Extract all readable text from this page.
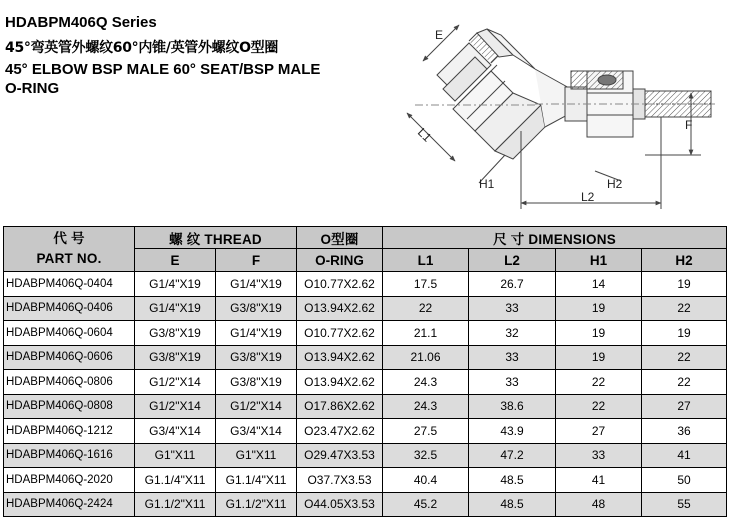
HDABPM406Q Series
45°弯英管外螺纹60°内锥/英管外螺纹O型圈
45° ELBOW BSP MALE 60° SEAT/BSP MALE
O-RING
E
F
L1
L2
H1	H2
代 号
PART NO.	螺 纹 THREAD		O型圈	尺 寸 DIMENSIONS			
	E	F	O-RING	L1	L2	H1	H2
HDABPM406Q-0404	G1/4"X19	G1/4"X19	O10.77X2.62	17.5	26.7	14	19
HDABPM406Q-0406	G1/4"X19	G3/8"X19	O13.94X2.62	22	33	19	22
HDABPM406Q-0604	G3/8"X19	G1/4"X19	O10.77X2.62	21.1	32	19	19
HDABPM406Q-0606	G3/8"X19	G3/8"X19	O13.94X2.62	21.06	33	19	22
HDABPM406Q-0806	G1/2"X14	G3/8"X19	O13.94X2.62	24.3	33	22	22
HDABPM406Q-0808	G1/2"X14	G1/2"X14	O17.86X2.62	24.3	38.6	22	27
HDABPM406Q-1212	G3/4"X14	G3/4"X14	O23.47X2.62	27.5	43.9	27	36
HDABPM406Q-1616	G1"X11	G1"X11	O29.47X3.53	32.5	47.2	33	41
HDABPM406Q-2020	G1.1/4"X11	G1.1/4"X11	O37.7X3.53	40.4	48.5	41	50
HDABPM406Q-2424	G1.1/2"X11	G1.1/2"X11	O44.05X3.53	45.2	48.5	48	55
